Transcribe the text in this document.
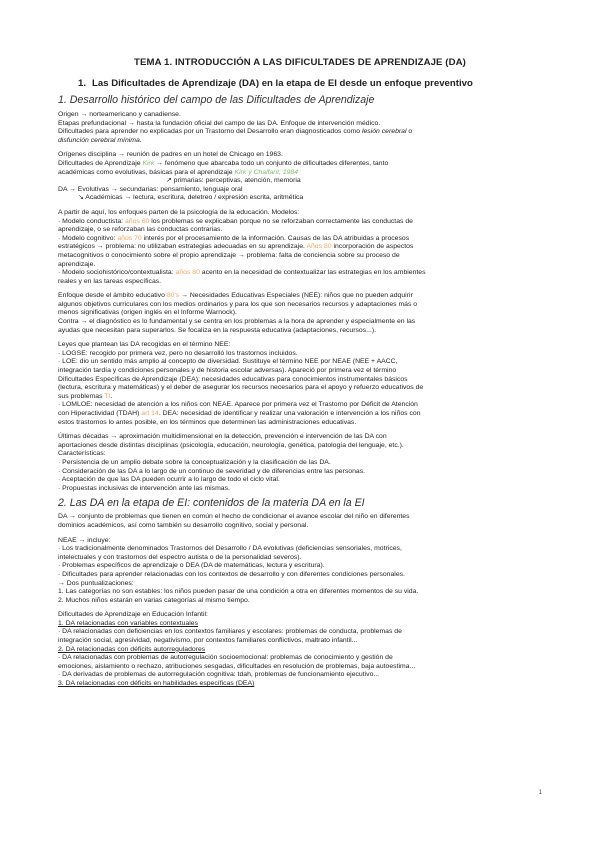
TEMA 1. INTRODUCCIÓN A LAS DIFICULTADES DE APRENDIZAJE (DA)
1. Las Dificultades de Aprendizaje (DA) en la etapa de EI desde un enfoque preventivo
1. Desarrollo histórico del campo de las Dificultades de Aprendizaje
Origen → norteamericano y canadiense.
Etapas prefundacional → hasta la fundación oficial del campo de las DA. Enfoque de intervención médico.
Dificultades para aprender no explicadas por un Trastorno del Desarrollo eran diagnosticados como lesión cerebral o
disfunción cerebral mínima.
Orígenes disciplina → reunión de padres en un hotel de Chicago en 1963.
Dificultades de Aprendizaje Kirk → fenómeno que abarcaba todo un conjunto de dificultades diferentes, tanto
académicas como evolutivas, básicas para el aprendizaje Kirk y Chalfant, 1984
↗ primarias: perceptivas, atención, memoria
DA → Evolutivas → secundarias: pensamiento, lenguaje oral
↘ Académicas → lectura, escritura, deletreo / expresión escrita, aritmética
A partir de aquí, los enfoques parten de la psicología de la educación. Modelos:
· Modelo conductista: años 60 los problemas se explicaban porque no se reforzaban correctamente las conductas de
aprendizaje, o se reforzaban las conductas contrarias.
· Modelo cognitivo: años 70 interés por el procesamiento de la información. Causas de las DA atribuidas a procesos
estratégicos → problema: no utilizaban estrategias adecuadas en su aprendizaje. Años 80 incorporación de aspectos
metacognitivos o conocimiento sobre el propio aprendizaje → problema: falta de conciencia sobre su proceso de
aprendizaje.
· Modelo sociohistórico/contextualista: años 80 acento en la necesidad de contextualizar las estrategias en los ambientes
reales y en las tareas específicas.
Enfoque desde el ámbito educativo 80's → Necesidades Educativas Especiales (NEE): niños que no pueden adquirir
algunos objetivos curriculares con los medios ordinarios y para los que son necesarios recursos y adaptaciones más o
menos significativas (origen inglés en el Informe Warnock).
Contra → el diagnóstico es lo fundamental y se centra en los problemas a la hora de aprender y especialmente en las
ayudas que necesitan para superarlos. Se focaliza en la respuesta educativa (adaptaciones, recursos...).
Leyes que plantean las DA recogidas en el término NEE:
· LOGSE: recogido por primera vez, pero no desarrolló los trastornos incluidos.
· LOE: dio un sentido más amplio al concepto de diversidad. Sustituye el término NEE por NEAE (NEE + AACC,
integración tardía y condiciones personales y de historia escolar adversas). Apareció por primera vez el término
Dificultades Específicas de Aprendizaje (DEA): necesidades educativas para conocimientos instrumentales básicos
(lectura, escritura y matemáticas) y el deber de asegurar los recursos necesarios para el apoyo y refuerzo educativos de
sus problemas TI.
· LOMLOE: necesidad de atención a los niños con NEAE. Aparece por primera vez el Trastorno por Déficit de Atención
con Hiperactividad (TDAH) art 14. DEA: necesidad de identificar y realizar una valoración e intervención a los niños con
estos trastornos lo antes posible, en los términos que determinen las administraciones educativas.
Últimas décadas → aproximación multidimensional en la detección, prevención e intervención de las DA con
aportaciones desde distintas disciplinas (psicología, educación, neurología, genética, patología del lenguaje, etc.).
Características:
· Persistencia de un amplio debate sobre la conceptualización y la clasificación de las DA.
· Consideración de las DA a lo largo de un continuo de severidad y de diferencias entre las personas.
· Aceptación de que las DA pueden ocurrir a lo largo de todo el ciclo vital.
· Propuestas inclusivas de intervención ante las mismas.
2. Las DA en la etapa de EI: contenidos de la materia DA en la EI
DA → conjunto de problemas que tienen en común el hecho de condicionar el avance escolar del niño en diferentes
dominios académicos, así como también su desarrollo cognitivo, social y personal.
NEAE → incluye:
· Los tradicionalmente denominados Trastornos del Desarrollo / DA evolutivas (deficiencias sensoriales, motrices,
intelectuales y con trastornos del espectro autista o de la personalidad severos).
· Problemas específicos de aprendizaje o DEA (DA de matemáticas, lectura y escritura).
· Dificultades para aprender relacionadas con los contextos de desarrollo y con diferentes condiciones personales.
→ Dos puntualizaciones:
1. Las categorías no son estables: los niños pueden pasar de una condición a otra en diferentes momentos de su vida.
2. Muchos niños estarán en varias categorías al mismo tiempo.
Dificultades de Aprendizaje en Educación Infantil:
1. DA relacionadas con variables contextuales
· DA relacionadas con deficiencias en los contextos familiares y escolares: problemas de conducta, problemas de
integración social, agresividad, negativismo, por contextos familiares conflictivos, maltrato infantil...
2. DA relacionadas con déficits autorreguladores
· DA relacionadas con problemas de autorregulación socioemocional: problemas de conocimiento y gestión de
emociones, aislamiento o rechazo, atribuciones sesgadas, dificultades en resolución de problemas, baja autoestima...
· DA derivadas de problemas de autorregulación cognitiva: tdah, problemas de funcionamiento ejecutivo...
3. DA relacionadas con déficits en habilidades específicas (DEA)
1
